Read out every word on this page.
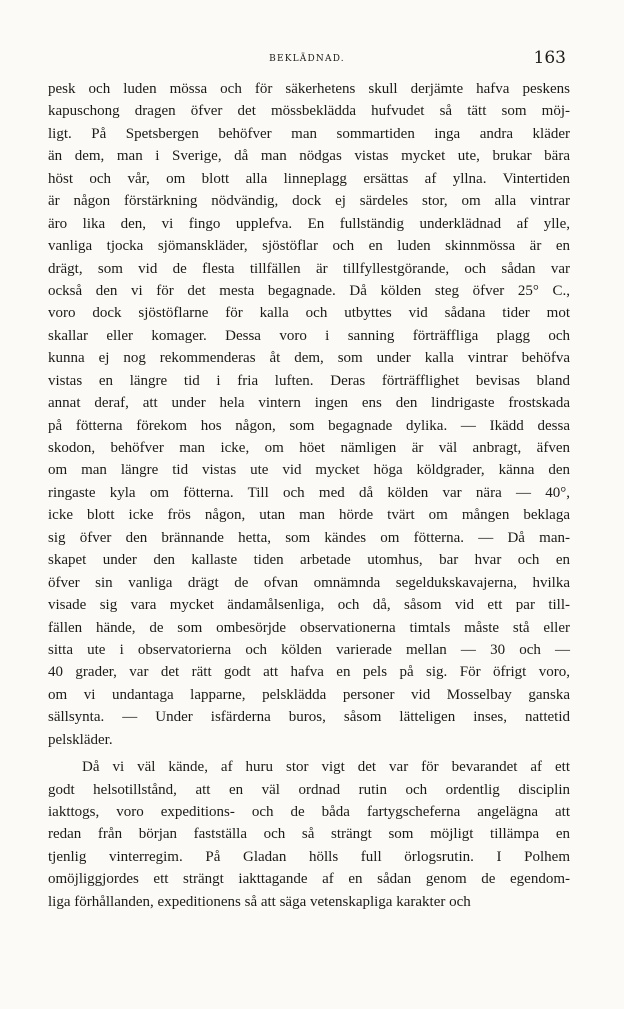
BEKLÄDNAD.	163
pesk och luden mössa och för säkerhetens skull derjämte hafva peskens
kapuschong dragen öfver det mössbeklädda hufvudet så tätt som möj-
ligt. På Spetsbergen behöfver man sommartiden inga andra kläder
än dem, man i Sverige, då man nödgas vistas mycket ute, brukar bära
höst och vår, om blott alla linneplagg ersättas af yllna. Vintertiden
är någon förstärkning nödvändig, dock ej särdeles stor, om alla vintrar
äro lika den, vi fingo upplefva. En fullständig underklädnad af ylle,
vanliga tjocka sjömanskläder, sjöstöflar och en luden skinnmössa är en
drägt, som vid de flesta tillfällen är tillfyllestgörande, och sådan var
också den vi för det mesta begagnade. Då kölden steg öfver 25° C.,
voro dock sjöstöflarne för kalla och utbyttes vid sådana tider mot
skallar eller komager. Dessa voro i sanning förträffliga plagg och
kunna ej nog rekommenderas åt dem, som under kalla vintrar behöfva
vistas en längre tid i fria luften. Deras förträfflighet bevisas bland
annat deraf, att under hela vintern ingen ens den lindrigaste frostskada
på fötterna förekom hos någon, som begagnade dylika. — Ikädd dessa
skodon, behöfver man icke, om höet nämligen är väl anbragt, äfven
om man längre tid vistas ute vid mycket höga köldgrader, känna den
ringaste kyla om fötterna. Till och med då kölden var nära — 40°,
icke blott icke frös någon, utan man hörde tvärt om mången beklaga
sig öfver den brännande hetta, som kändes om fötterna. — Då man-
skapet under den kallaste tiden arbetade utomhus, bar hvar och en
öfver sin vanliga drägt de ofvan omnämnda segeldukskavajerna, hvilka
visade sig vara mycket ändamålsenliga, och då, såsom vid ett par till-
fällen hände, de som ombesörjde observationerna timtals måste stå eller
sitta ute i observatorierna och kölden varierade mellan — 30 och —
40 grader, var det rätt godt att hafva en pels på sig. För öfrigt voro,
om vi undantaga lapparne, pelsklädda personer vid Mosselbay ganska
sällsynta. — Under isfärderna buros, såsom lätteligen inses, nattetid
pelskläder.
Då vi väl kände, af huru stor vigt det var för bevarandet af ett
godt helsotillstånd, att en väl ordnad rutin och ordentlig disciplin
iakttogs, voro expeditions- och de båda fartygscheferna angelägna att
redan från början fastställa och så strängt som möjligt tillämpa en
tjenlig vinterregim. På Gladan hölls full örlogsrutin. I Polhem
omöjliggjordes ett strängt iakttagande af en sådan genom de egendom-
liga förhållanden, expeditionens så att säga vetenskapliga karakter och
